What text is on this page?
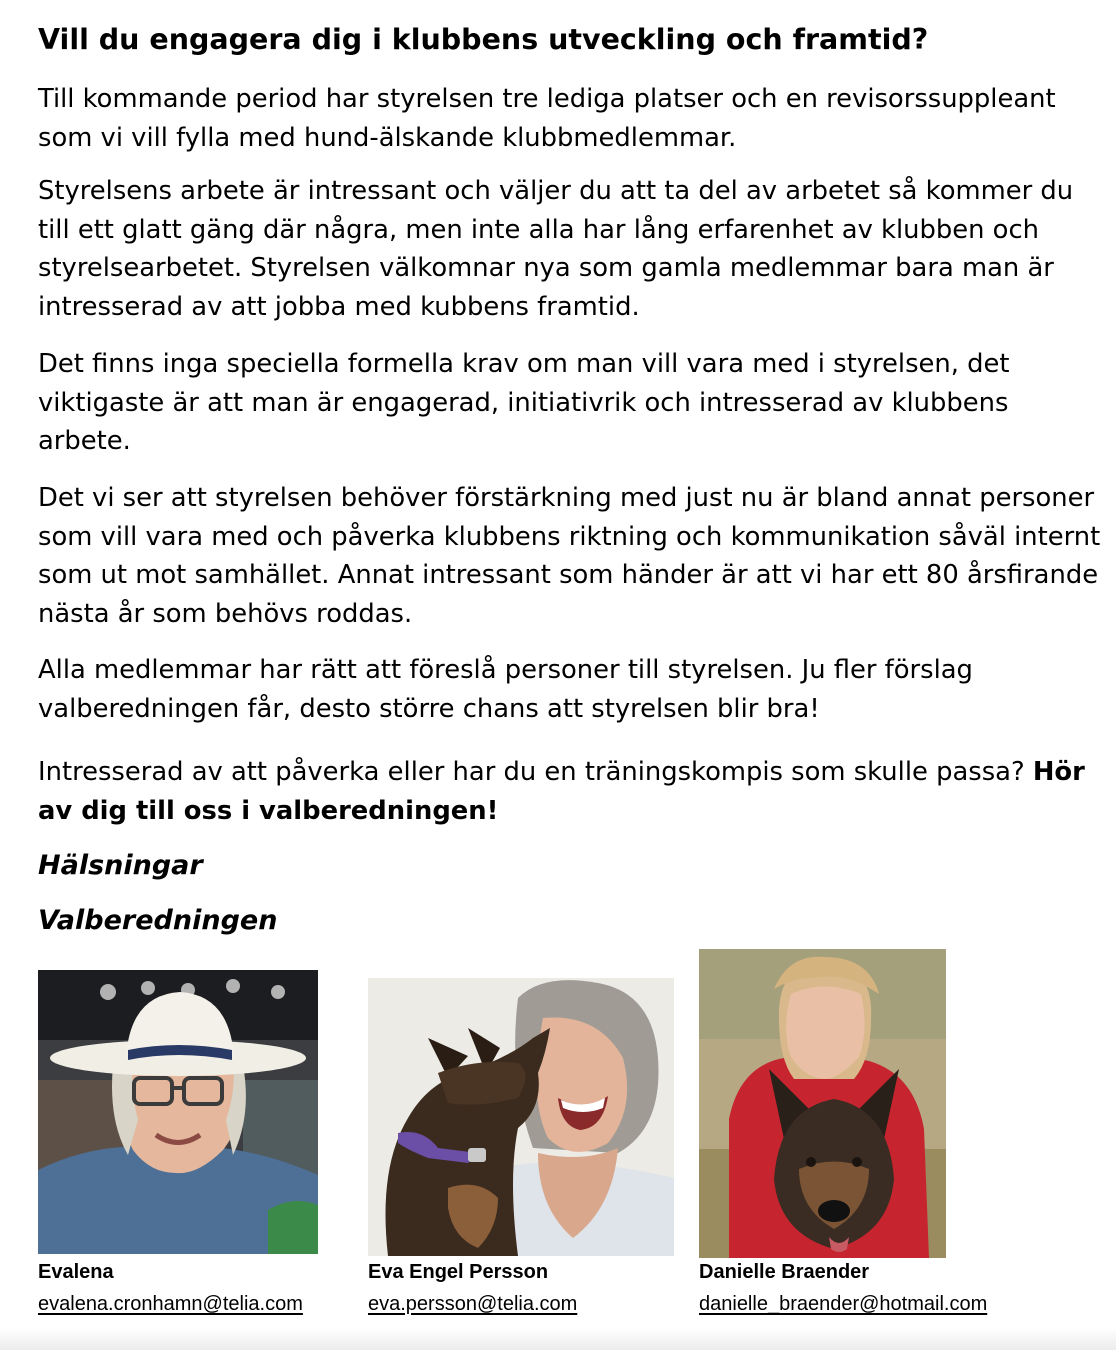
Vill du engagera dig i klubbens utveckling och framtid?

Till kommande period har styrelsen tre lediga platser och en revisorssuppleant som vi vill fylla med hund-älskande klubbmedlemmar.

Styrelsens arbete är intressant och väljer du att ta del av arbetet så kommer du till ett glatt gäng där några, men inte alla har lång erfarenhet av klubben och styrelsearbetet. Styrelsen välkomnar nya som gamla medlemmar bara man är intresserad av att jobba med kubbens framtid.

Det finns inga speciella formella krav om man vill vara med i styrelsen, det viktigaste är att man är engagerad, initiativrik och intresserad av klubbens arbete.

Det vi ser att styrelsen behöver förstärkning med just nu är bland annat personer som vill vara med och påverka klubbens riktning och kommunikation såväl internt som ut mot samhället. Annat intressant som händer är att vi har ett 80 årsfirande nästa år som behövs roddas.

Alla medlemmar har rätt att föreslå personer till styrelsen. Ju fler förslag valberedningen får, desto större chans att styrelsen blir bra!

Intresserad av att påverka eller har du en träningskompis som skulle passa? Hör av dig till oss i valberedningen!

Hälsningar

Valberedningen

Evalena
evalena.cronhamn@telia.com
Eva Engel Persson
eva.persson@telia.com
Danielle Braender
danielle_braender@hotmail.com
